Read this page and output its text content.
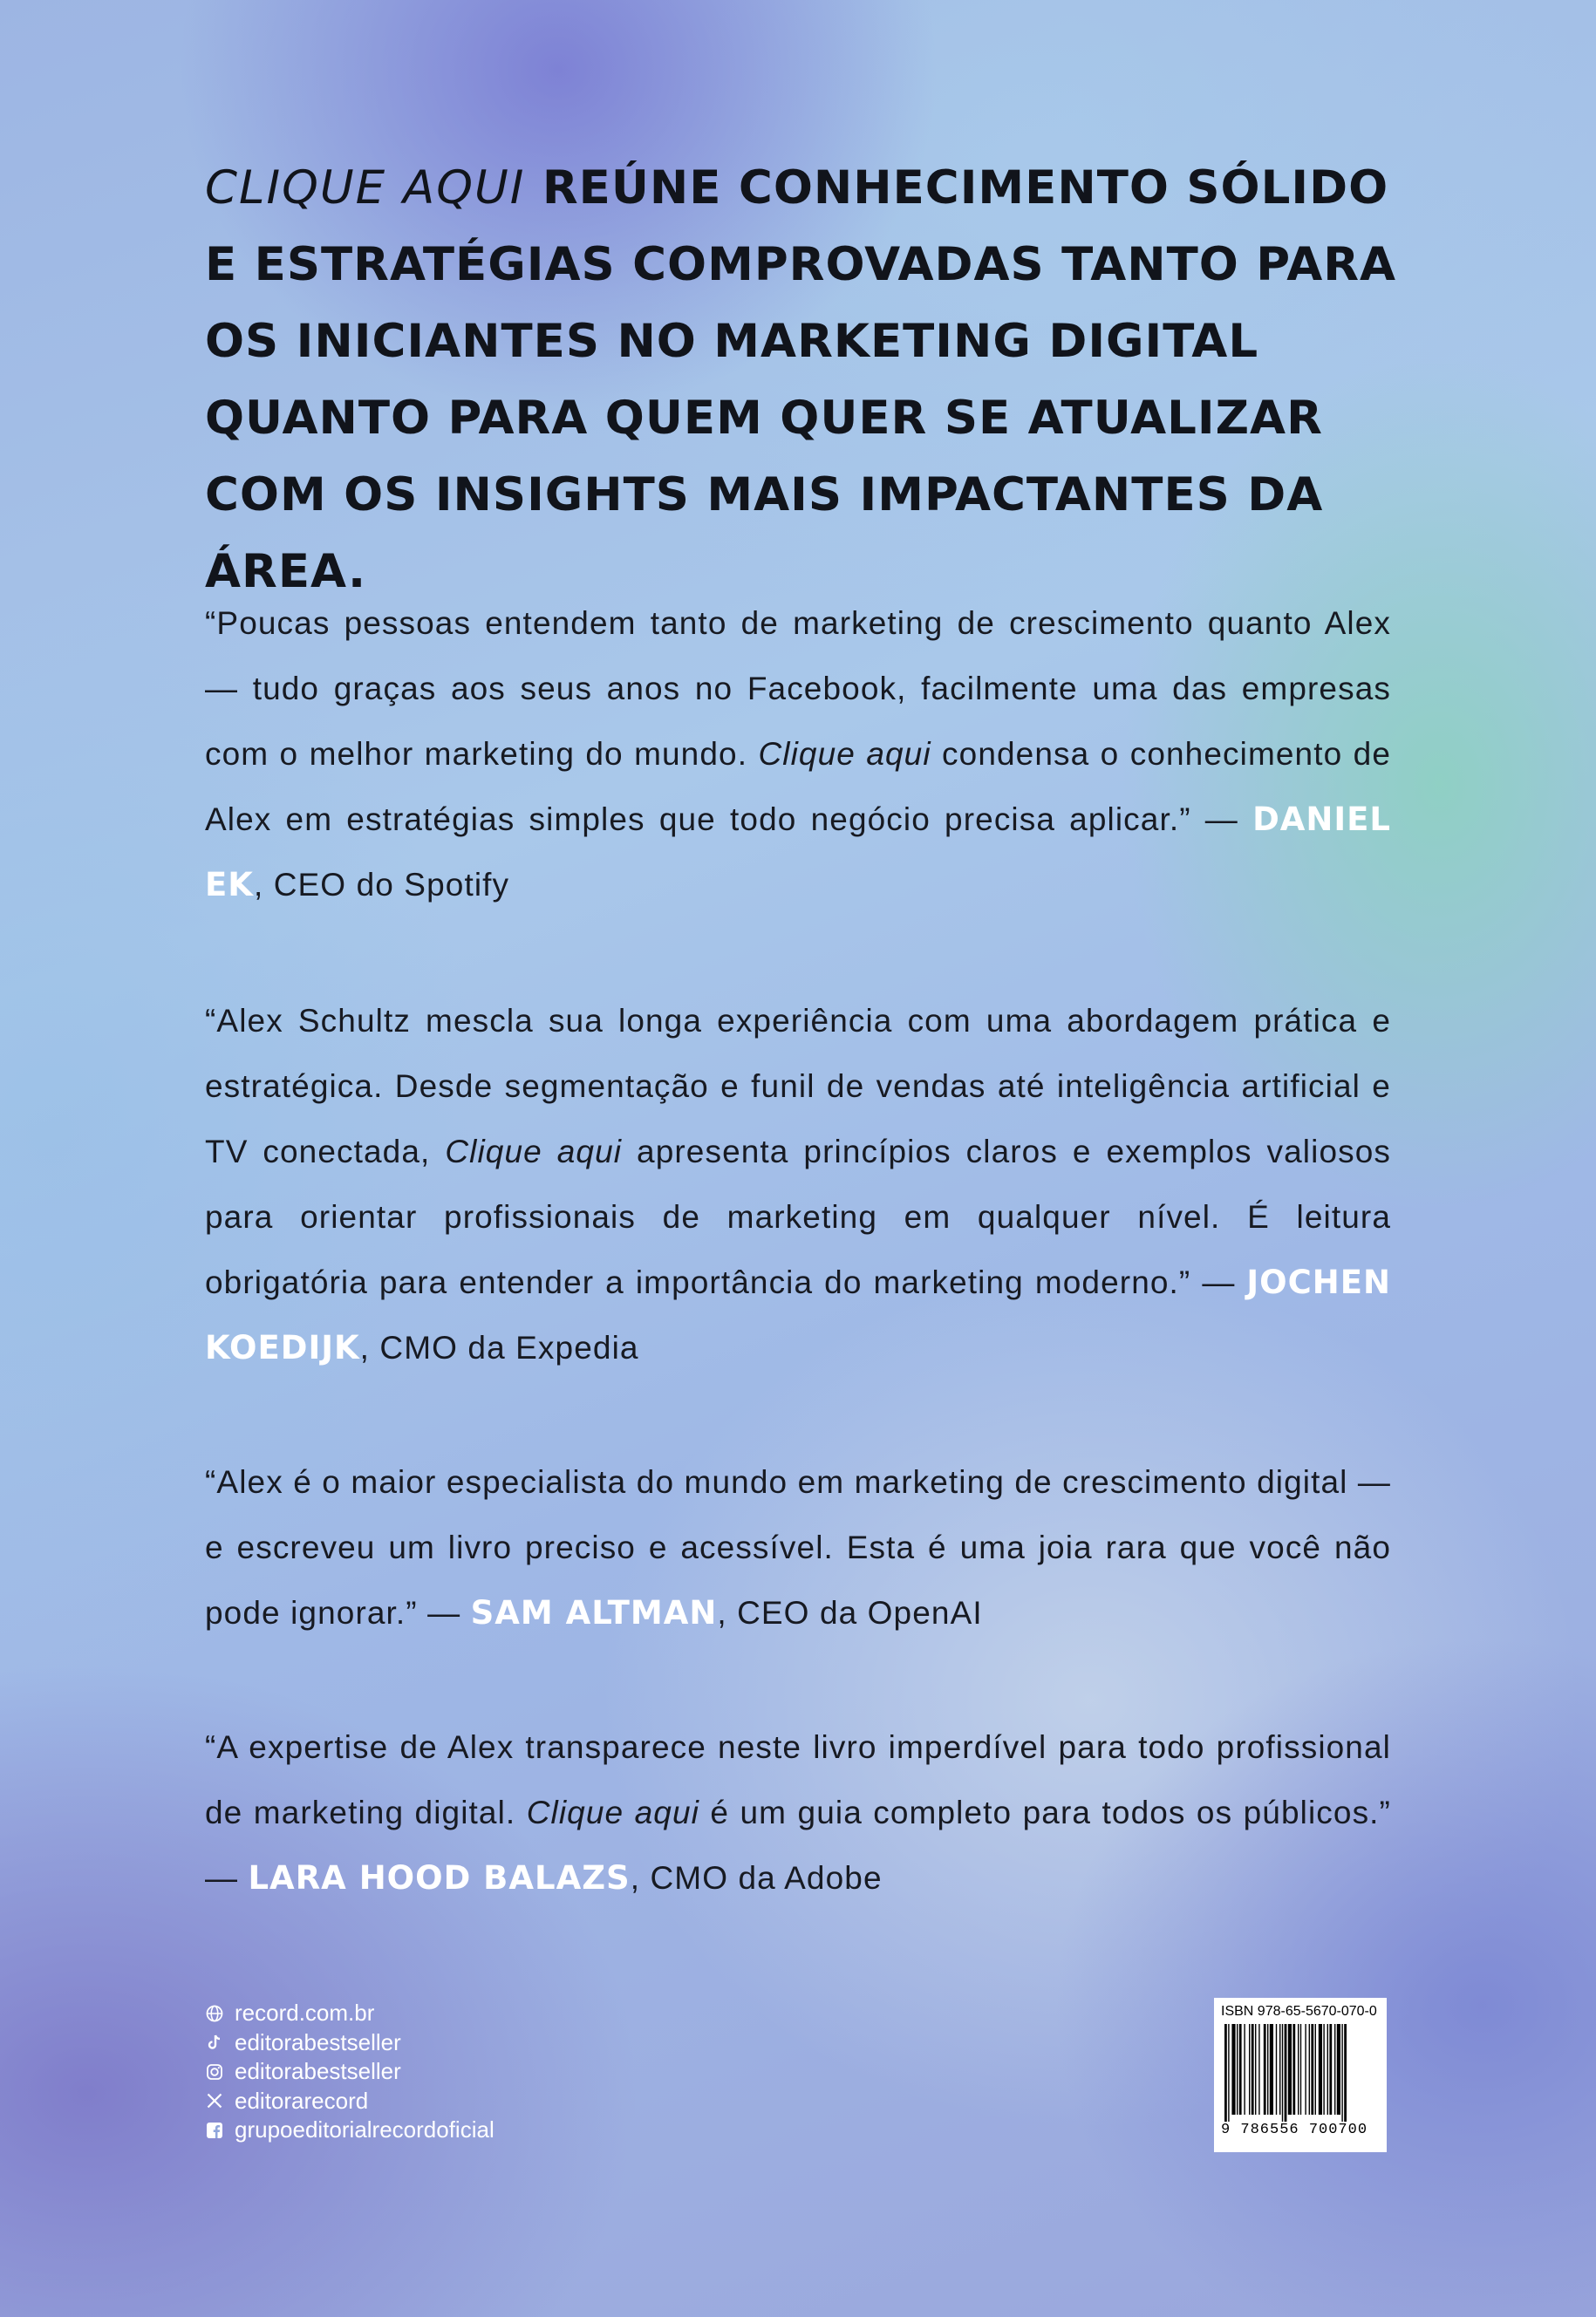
CLIQUE AQUI REÚNE CONHECIMENTO SÓLIDO E ESTRATÉGIAS COMPROVADAS TANTO PARA OS INICIANTES NO MARKETING DIGITAL QUANTO PARA QUEM QUER SE ATUALIZAR COM OS INSIGHTS MAIS IMPACTANTES DA ÁREA.

“Poucas pessoas entendem tanto de marketing de crescimento quanto Alex — tudo graças aos seus anos no Facebook, facilmente uma das empresas com o melhor marketing do mundo. Clique aqui condensa o conhecimento de Alex em estratégias simples que todo negócio precisa aplicar.” — DANIEL EK, CEO do Spotify

“Alex Schultz mescla sua longa experiência com uma abordagem prática e estratégica. Desde segmentação e funil de vendas até inteligência artificial e TV conectada, Clique aqui apresenta princípios claros e exemplos valiosos para orientar profissionais de marketing em qualquer nível. É leitura obrigatória para entender a importância do marketing moderno.” — JOCHEN KOEDIJK, CMO da Expedia

“Alex é o maior especialista do mundo em marketing de crescimento digital — e escreveu um livro preciso e acessível. Esta é uma joia rara que você não pode ignorar.” — SAM ALTMAN, CEO da OpenAI

“A expertise de Alex transparece neste livro imperdível para todo profissional de marketing digital. Clique aqui é um guia completo para todos os públicos.” — LARA HOOD BALAZS, CMO da Adobe

record.com.br
editorabestseller
editorabestseller
editorarecord
grupoeditorialrecordoficial
ISBN 978-65-5670-070-0
9 786556 700700
